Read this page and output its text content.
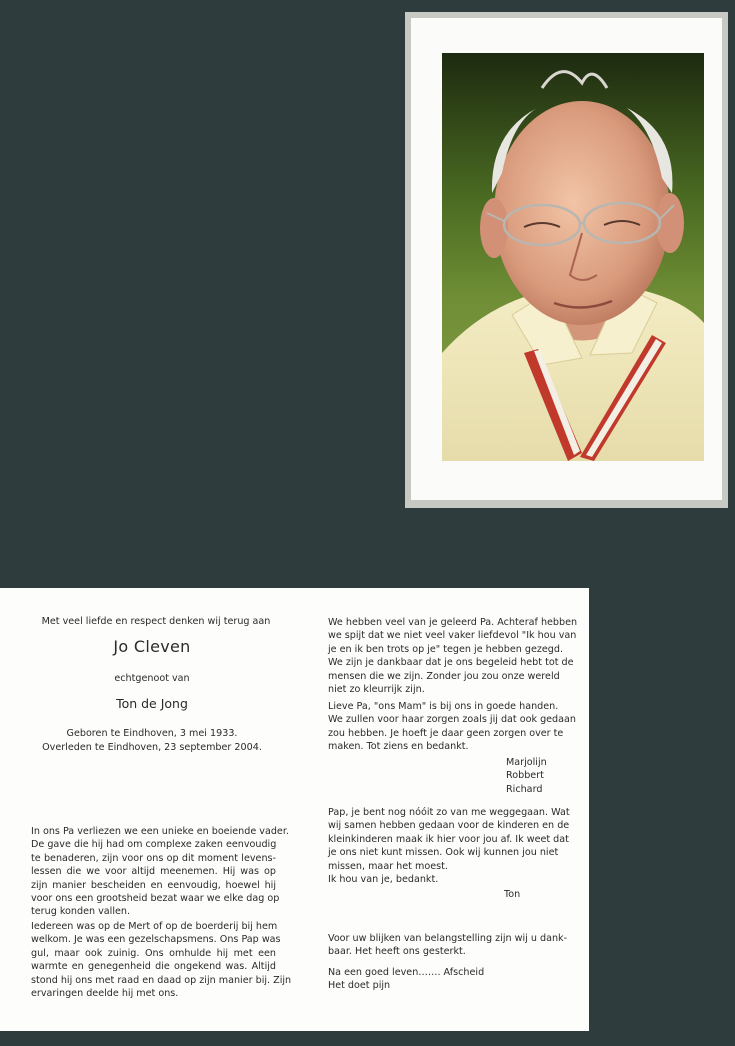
Met veel liefde en respect denken wij terug aan
Jo Cleven
echtgenoot van
Ton de Jong
Geboren te Eindhoven, 3 mei 1933.
Overleden te Eindhoven, 23 september 2004.
In ons Pa verliezen we een unieke en boeiende vader.
De gave die hij had om complexe zaken eenvoudig
te benaderen, zijn voor ons op dit moment levens-
lessen die we voor altijd meenemen. Hij was op
zijn manier bescheiden en eenvoudig, hoewel hij
voor ons een grootsheid bezat waar we elke dag op
terug konden vallen.
Iedereen was op de Mert of op de boerderij bij hem
welkom. Je was een gezelschapsmens. Ons Pap was
gul, maar ook zuinig. Ons omhulde hij met een
warmte en genegenheid die ongekend was. Altijd
stond hij ons met raad en daad op zijn manier bij. Zijn
ervaringen deelde hij met ons.
We hebben veel van je geleerd Pa. Achteraf hebben
we spijt dat we niet veel vaker liefdevol "Ik hou van
je en ik ben trots op je" tegen je hebben gezegd.
We zijn je dankbaar dat je ons begeleid hebt tot de
mensen die we zijn. Zonder jou zou onze wereld
niet zo kleurrijk zijn.
Lieve Pa, "ons Mam" is bij ons in goede handen.
We zullen voor haar zorgen zoals jij dat ook gedaan
zou hebben. Je hoeft je daar geen zorgen over te
maken. Tot ziens en bedankt.
Marjolijn
Robbert
Richard
Pap, je bent nog nóóit zo van me weggegaan. Wat
wij samen hebben gedaan voor de kinderen en de
kleinkinderen maak ik hier voor jou af. Ik weet dat
je ons niet kunt missen. Ook wij kunnen jou niet
missen, maar het moest.
Ik hou van je, bedankt.
Ton
Voor uw blijken van belangstelling zijn wij u dank-
baar. Het heeft ons gesterkt.
Na een goed leven……. Afscheid
Het doet pijn
